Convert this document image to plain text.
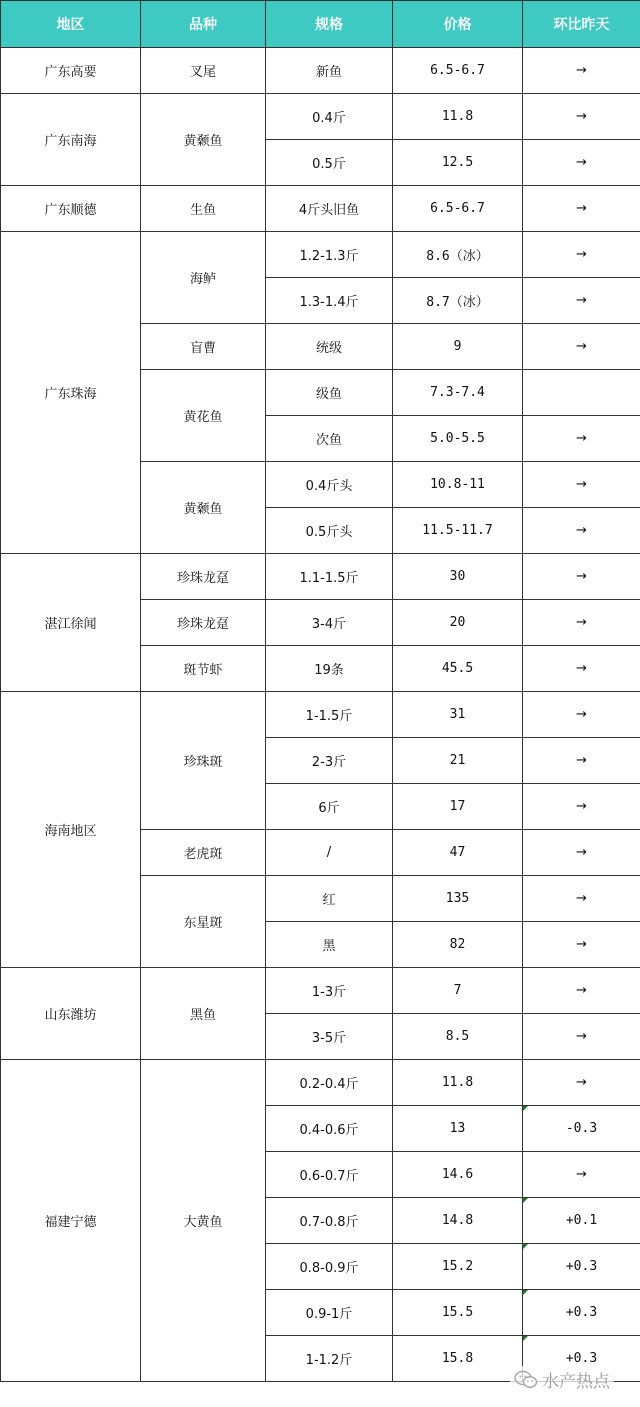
地区	品种	规格	价格	环比昨天
广东高要	叉尾	新鱼	6.5-6.7	→
广东南海	黄颡鱼	0.4斤	11.8	→
		0.5斤	12.5	→
广东顺德	生鱼	4斤头旧鱼	6.5-6.7	→
广东珠海	海鲈	1.2-1.3斤	8.6（冰）	→
		1.3-1.4斤	8.7（冰）	→
	盲曹	统级	9	→
	黄花鱼	级鱼	7.3-7.4	
		次鱼	5.0-5.5	→
	黄颡鱼	0.4斤头	10.8-11	→
		0.5斤头	11.5-11.7	→
湛江徐闻	珍珠龙趸	1.1-1.5斤	30	→
	珍珠龙趸	3-4斤	20	→
	斑节虾	19条	45.5	→
海南地区	珍珠斑	1-1.5斤	31	→
		2-3斤	21	→
		6斤	17	→
	老虎斑	/	47	→
	东星斑	红	135	→
		黑	82	→
山东潍坊	黑鱼	1-3斤	7	→
		3-5斤	8.5	→
福建宁德	大黄鱼	0.2-0.4斤	11.8	→
		0.4-0.6斤	13	-0.3
		0.6-0.7斤	14.6	→
		0.7-0.8斤	14.8	+0.1
		0.8-0.9斤	15.2	+0.3
		0.9-1斤	15.5	+0.3
		1-1.2斤	15.8	+0.3
水产热点
